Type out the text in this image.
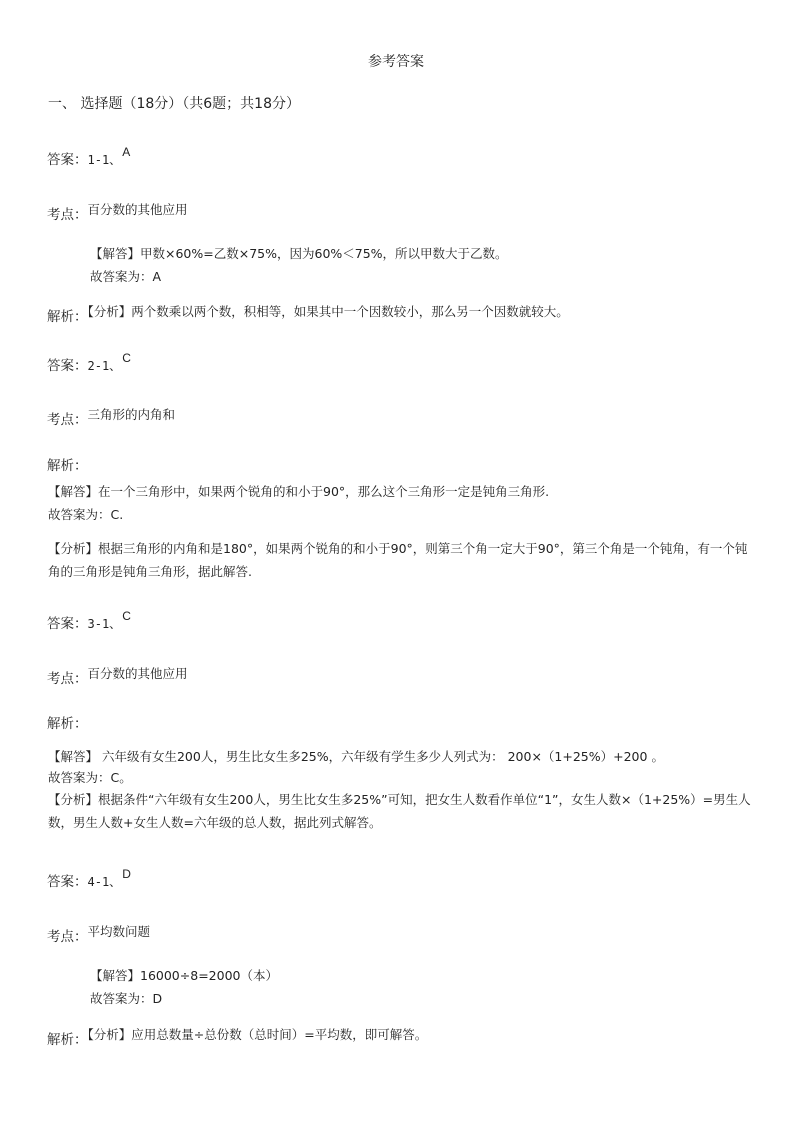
参考答案
一、 选择题（18分）（共6题；共18分）
答案：1-1、A
考点：百分数的其他应用
【解答】甲数×60%=乙数×75%，因为60%＜75%，所以甲数大于乙数。
故答案为：A
解析：【分析】两个数乘以两个数，积相等，如果其中一个因数较小，那么另一个因数就较大。
答案：2-1、C
考点：三角形的内角和
解析：
【解答】在一个三角形中，如果两个锐角的和小于90°，那么这个三角形一定是钝角三角形.
故答案为：C.
【分析】根据三角形的内角和是180°，如果两个锐角的和小于90°，则第三个角一定大于90°，第三个角是一个钝角，有一个钝角的三角形是钝角三角形，据此解答.
答案：3-1、C
考点：百分数的其他应用
解析：
【解答】 六年级有女生200人，男生比女生多25%，六年级有学生多少人列式为： 200×（1+25%）+200 。
故答案为：C。
【分析】根据条件“六年级有女生200人，男生比女生多25%”可知，把女生人数看作单位“1”，女生人数×（1+25%）=男生人数，男生人数+女生人数=六年级的总人数，据此列式解答。
答案：4-1、D
考点：平均数问题
【解答】16000÷8=2000（本）
故答案为：D
解析：【分析】应用总数量÷总份数（总时间）=平均数，即可解答。
